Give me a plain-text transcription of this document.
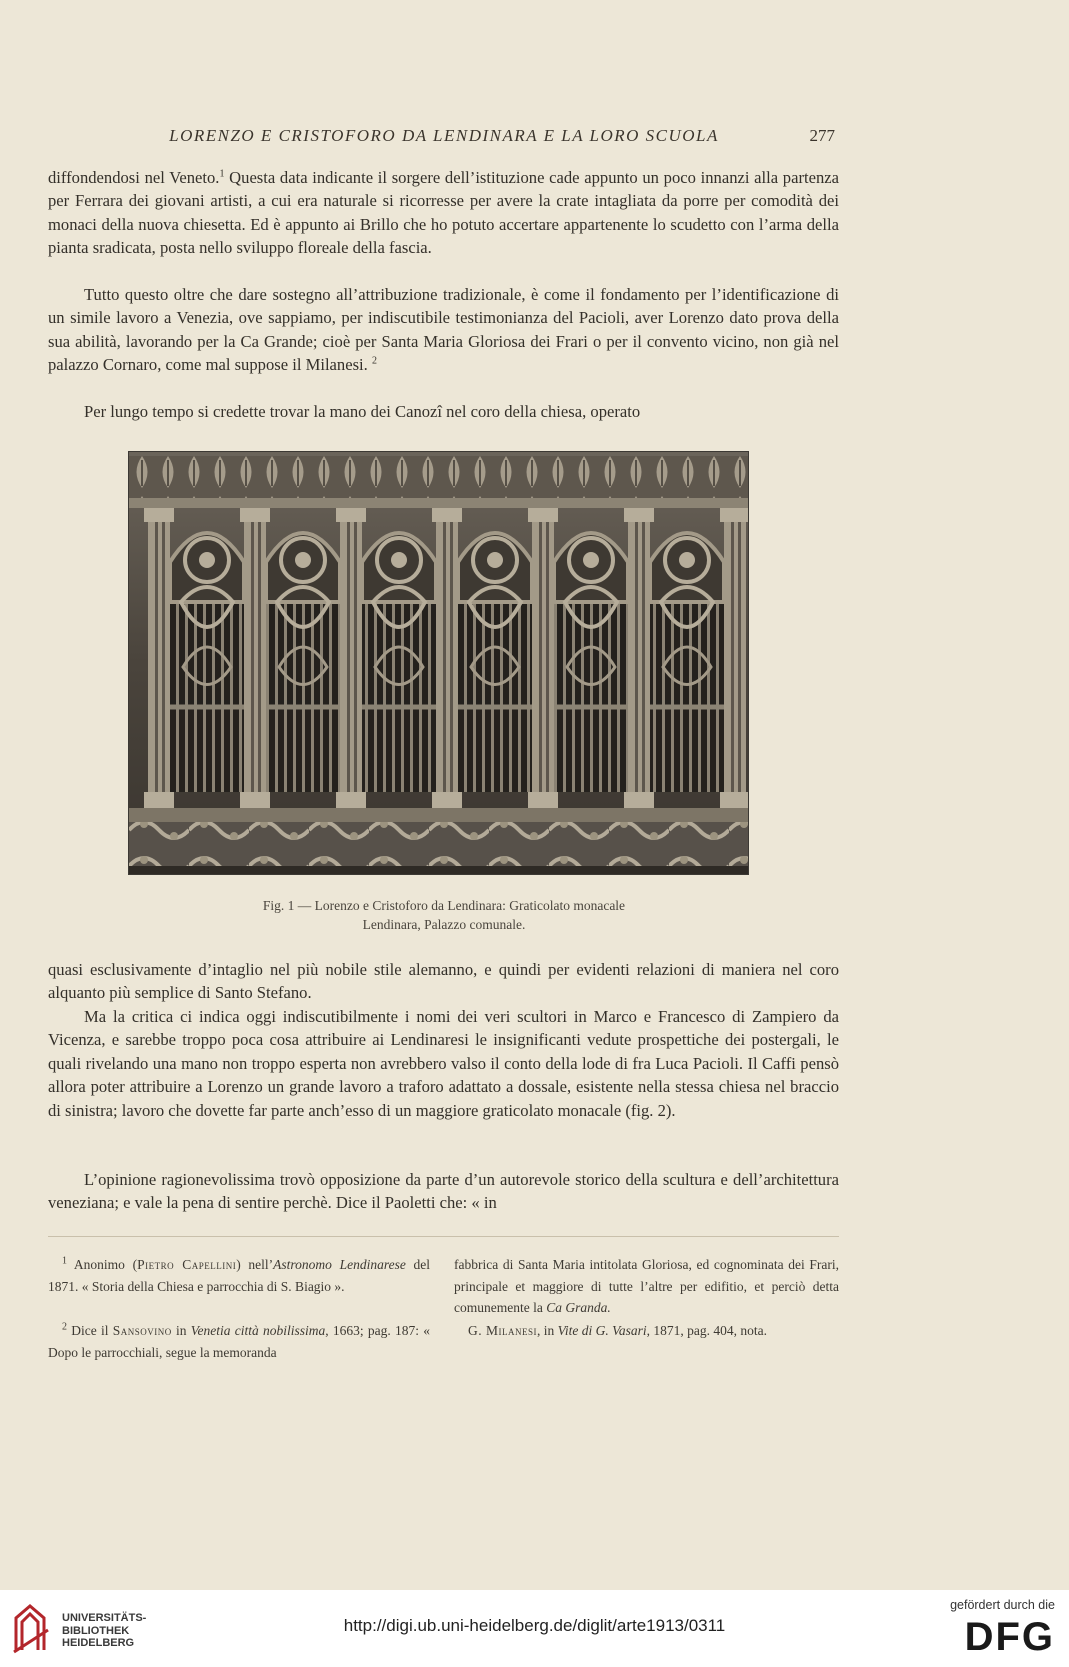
LORENZO E CRISTOFORO DA LENDINARA E LA LORO SCUOLA	277

diffondendosi nel Veneto.$^1$ Questa data indicante il sorgere dell’istituzione cade appunto un poco innanzi alla partenza per Ferrara dei giovani artisti, a cui era naturale si ricorresse per avere la crate intagliata da porre per comodità dei monaci della nuova chiesetta. Ed è appunto ai Brillo che ho potuto accertare appartenente lo scudetto con l’arma della pianta sradicata, posta nello sviluppo floreale della fascia.

Tutto questo oltre che dare sostegno all’attribuzione tradizionale, è come il fondamento per l’identificazione di un simile lavoro a Venezia, ove sappiamo, per indiscutibile testimonianza del Pacioli, aver Lorenzo dato prova della sua abilità, lavorando per la Ca Grande; cioè per Santa Maria Gloriosa dei Frari o per il convento vicino, non già nel palazzo Cornaro, come mal suppose il Milanesi. $^2$

Per lungo tempo si credette trovar la mano dei Canozî nel coro della chiesa, operato

Fig. 1 — Lorenzo e Cristoforo da Lendinara: Graticolato monacale
Lendinara, Palazzo comunale.

quasi esclusivamente d’intaglio nel più nobile stile alemanno, e quindi per evidenti relazioni di maniera nel coro alquanto più semplice di Santo Stefano.

Ma la critica ci indica oggi indiscutibilmente i nomi dei veri scultori in Marco e Francesco di Zampiero da Vicenza, e sarebbe troppo poca cosa attribuire ai Lendinaresi le insignificanti vedute prospettiche dei postergali, le quali rivelando una mano non troppo esperta non avrebbero valso il conto della lode di fra Luca Pacioli. Il Caffi pensò allora poter attribuire a Lorenzo un grande lavoro a traforo adattato a dossale, esistente nella stessa chiesa nel braccio di sinistra; lavoro che dovette far parte anch’esso di un maggiore graticolato monacale (fig. 2).

L’opinione ragionevolissima trovò opposizione da parte d’un autorevole storico della scultura e dell’architettura veneziana; e vale la pena di sentire perchè. Dice il Paoletti che: « in

$^1$ Anonimo (Pietro Capellini) nell’Astronomo Lendinarese del 1871. « Storia della Chiesa e parrocchia di S. Biagio ».

$^2$ Dice il Sansovino in Venetia città nobilissima, 1663; pag. 187: « Dopo le parrocchiali, segue la memoranda

fabbrica di Santa Maria intitolata Gloriosa, ed cognominata dei Frari, principale et maggiore di tutte l’altre per edifitio, et perciò detta comunemente la Ca Granda.

G. Milanesi, in Vite di G. Vasari, 1871, pag. 404, nota.

UNIVERSITÄTS-
BIBLIOTHEK
HEIDELBERG
http://digi.ub.uni-heidelberg.de/diglit/arte1913/0311
gefördert durch die
DFG
